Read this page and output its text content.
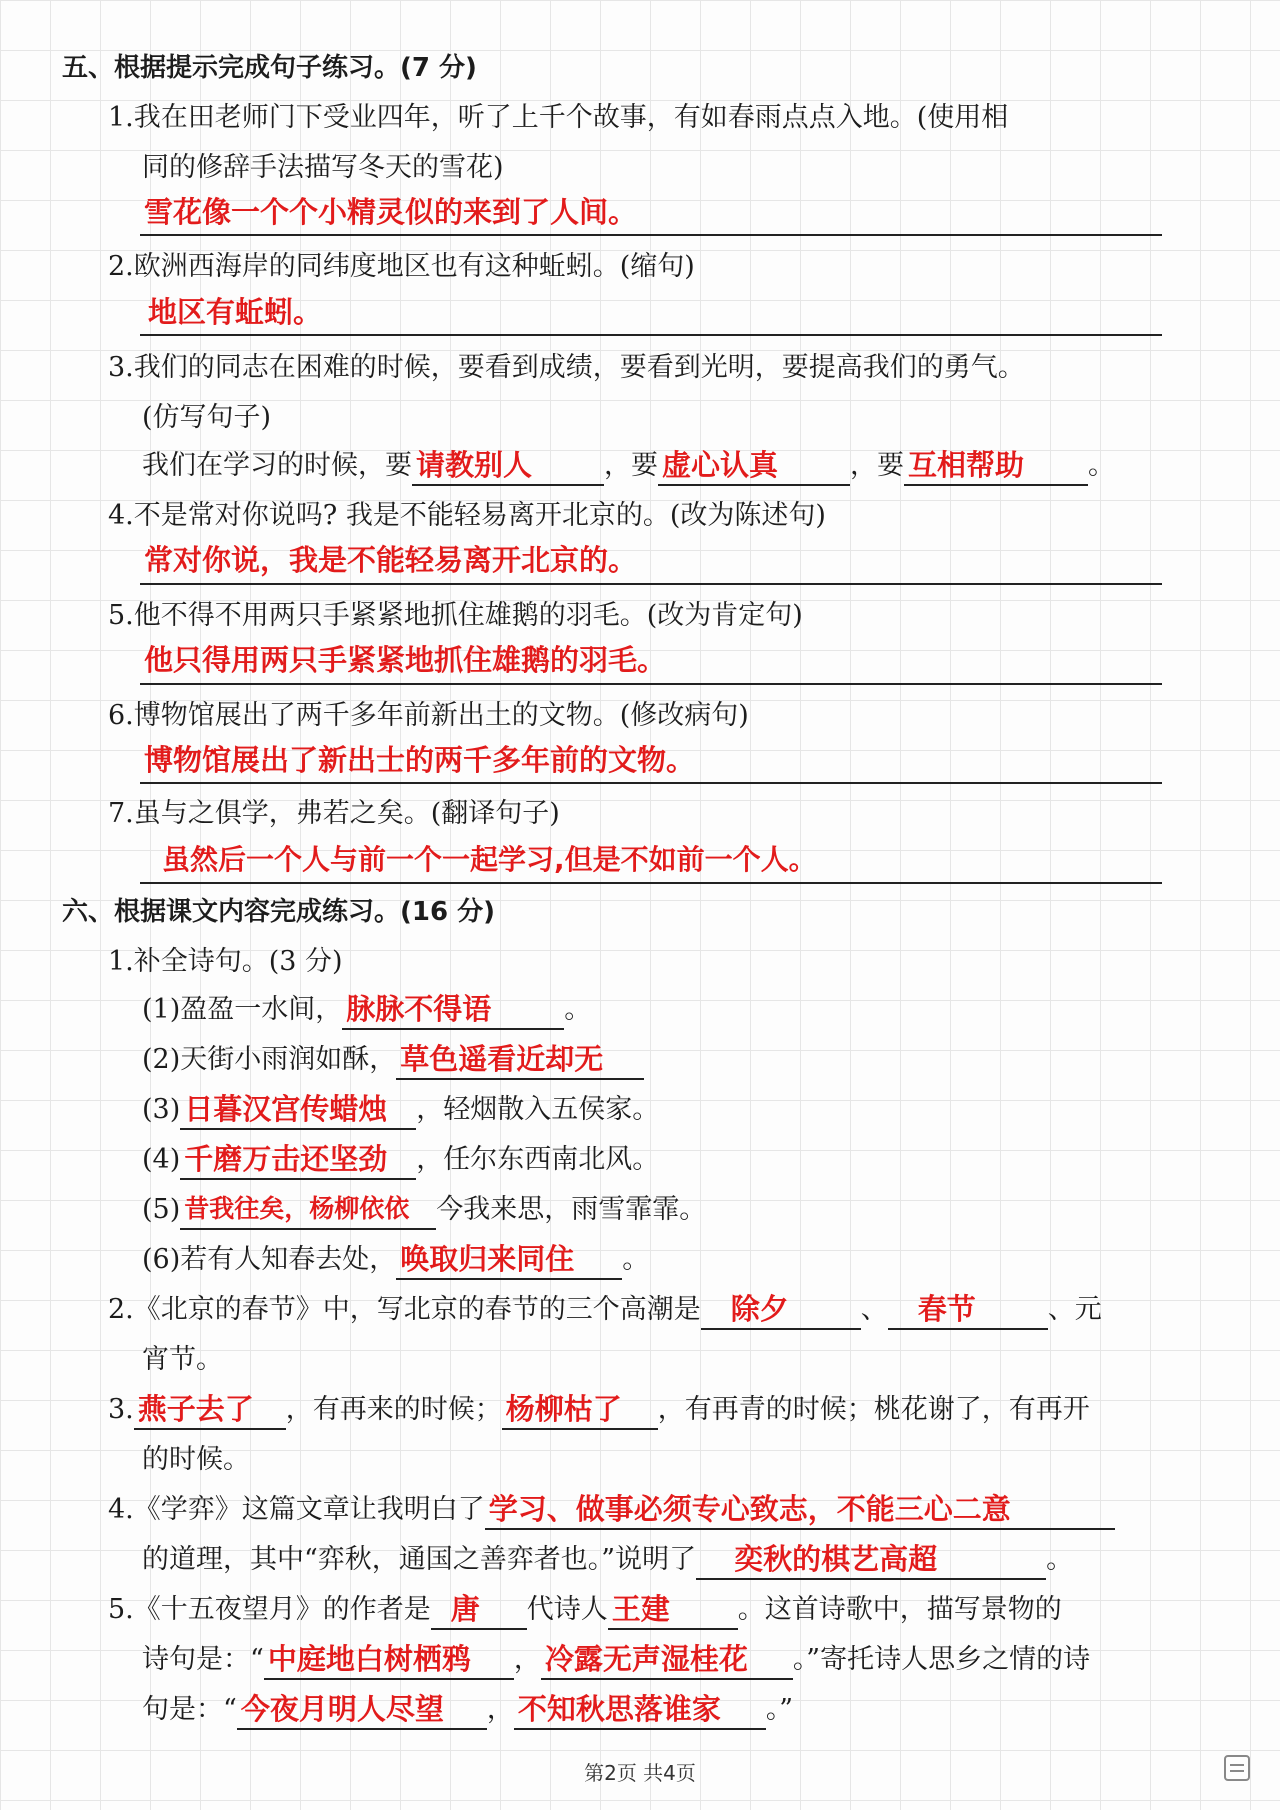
五、根据提示完成句子练习。(7 分)
1.我在田老师门下受业四年，听了上千个故事，有如春雨点点入地。(使用相
同的修辞手法描写冬天的雪花)
雪花像一个个小精灵似的来到了人间。
2.欧洲西海岸的同纬度地区也有这种蚯蚓。(缩句)
地区有蚯蚓。
3.我们的同志在困难的时候，要看到成绩，要看到光明，要提高我们的勇气。
(仿写句子)
我们在学习的时候，要 请教别人	，要 虚心认真	，要 互相帮助 。
4.不是常对你说吗? 我是不能轻易离开北京的。(改为陈述句)
常对你说，我是不能轻易离开北京的。
5.他不得不用两只手紧紧地抓住雄鹅的羽毛。(改为肯定句)
他只得用两只手紧紧地抓住雄鹅的羽毛。
6.博物馆展出了两千多年前新出土的文物。(修改病句)
博物馆展出了新出士的两千多年前的文物。
7.虽与之俱学，弗若之矣。(翻译句子)
虽然后一个人与前一个一起学习,但是不如前一个人。
六、根据课文内容完成练习。(16 分)
1.补全诗句。(3 分)
(1)盈盈一水间， 脉脉不得语	。
(2)天街小雨润如酥， 草色遥看近却无
(3) 日暮汉宫传蜡烛 ，轻烟散入五侯家。
(4) 千磨万击还坚劲 ，任尔东西南北风。
(5) 昔我往矣，杨柳依依 今我来思，雨雪霏霏。
(6)若有人知春去处， 唤取归来同住 。
2.《北京的春节》中，写北京的春节的三个高潮是 除夕	、 春节	、元
宵节。
3. 燕子去了 ，有再来的时候； 杨柳枯了 ，有再青的时候；桃花谢了，有再开
的时候。
4.《学弈》这篇文章让我明白了 学习、做事必须专心致志，不能三心二意
的道理，其中“弈秋，通国之善弈者也。”说明了 奕秋的棋艺高超	。
5.《十五夜望月》的作者是 唐 代诗人 王建	。这首诗歌中，描写景物的
诗句是：“ 中庭地白树栖鸦 ， 冷露无声湿桂花 。”寄托诗人思乡之情的诗
句是：“ 今夜月明人尽望 ， 不知秋思落谁家 。”
第2页 共4页
